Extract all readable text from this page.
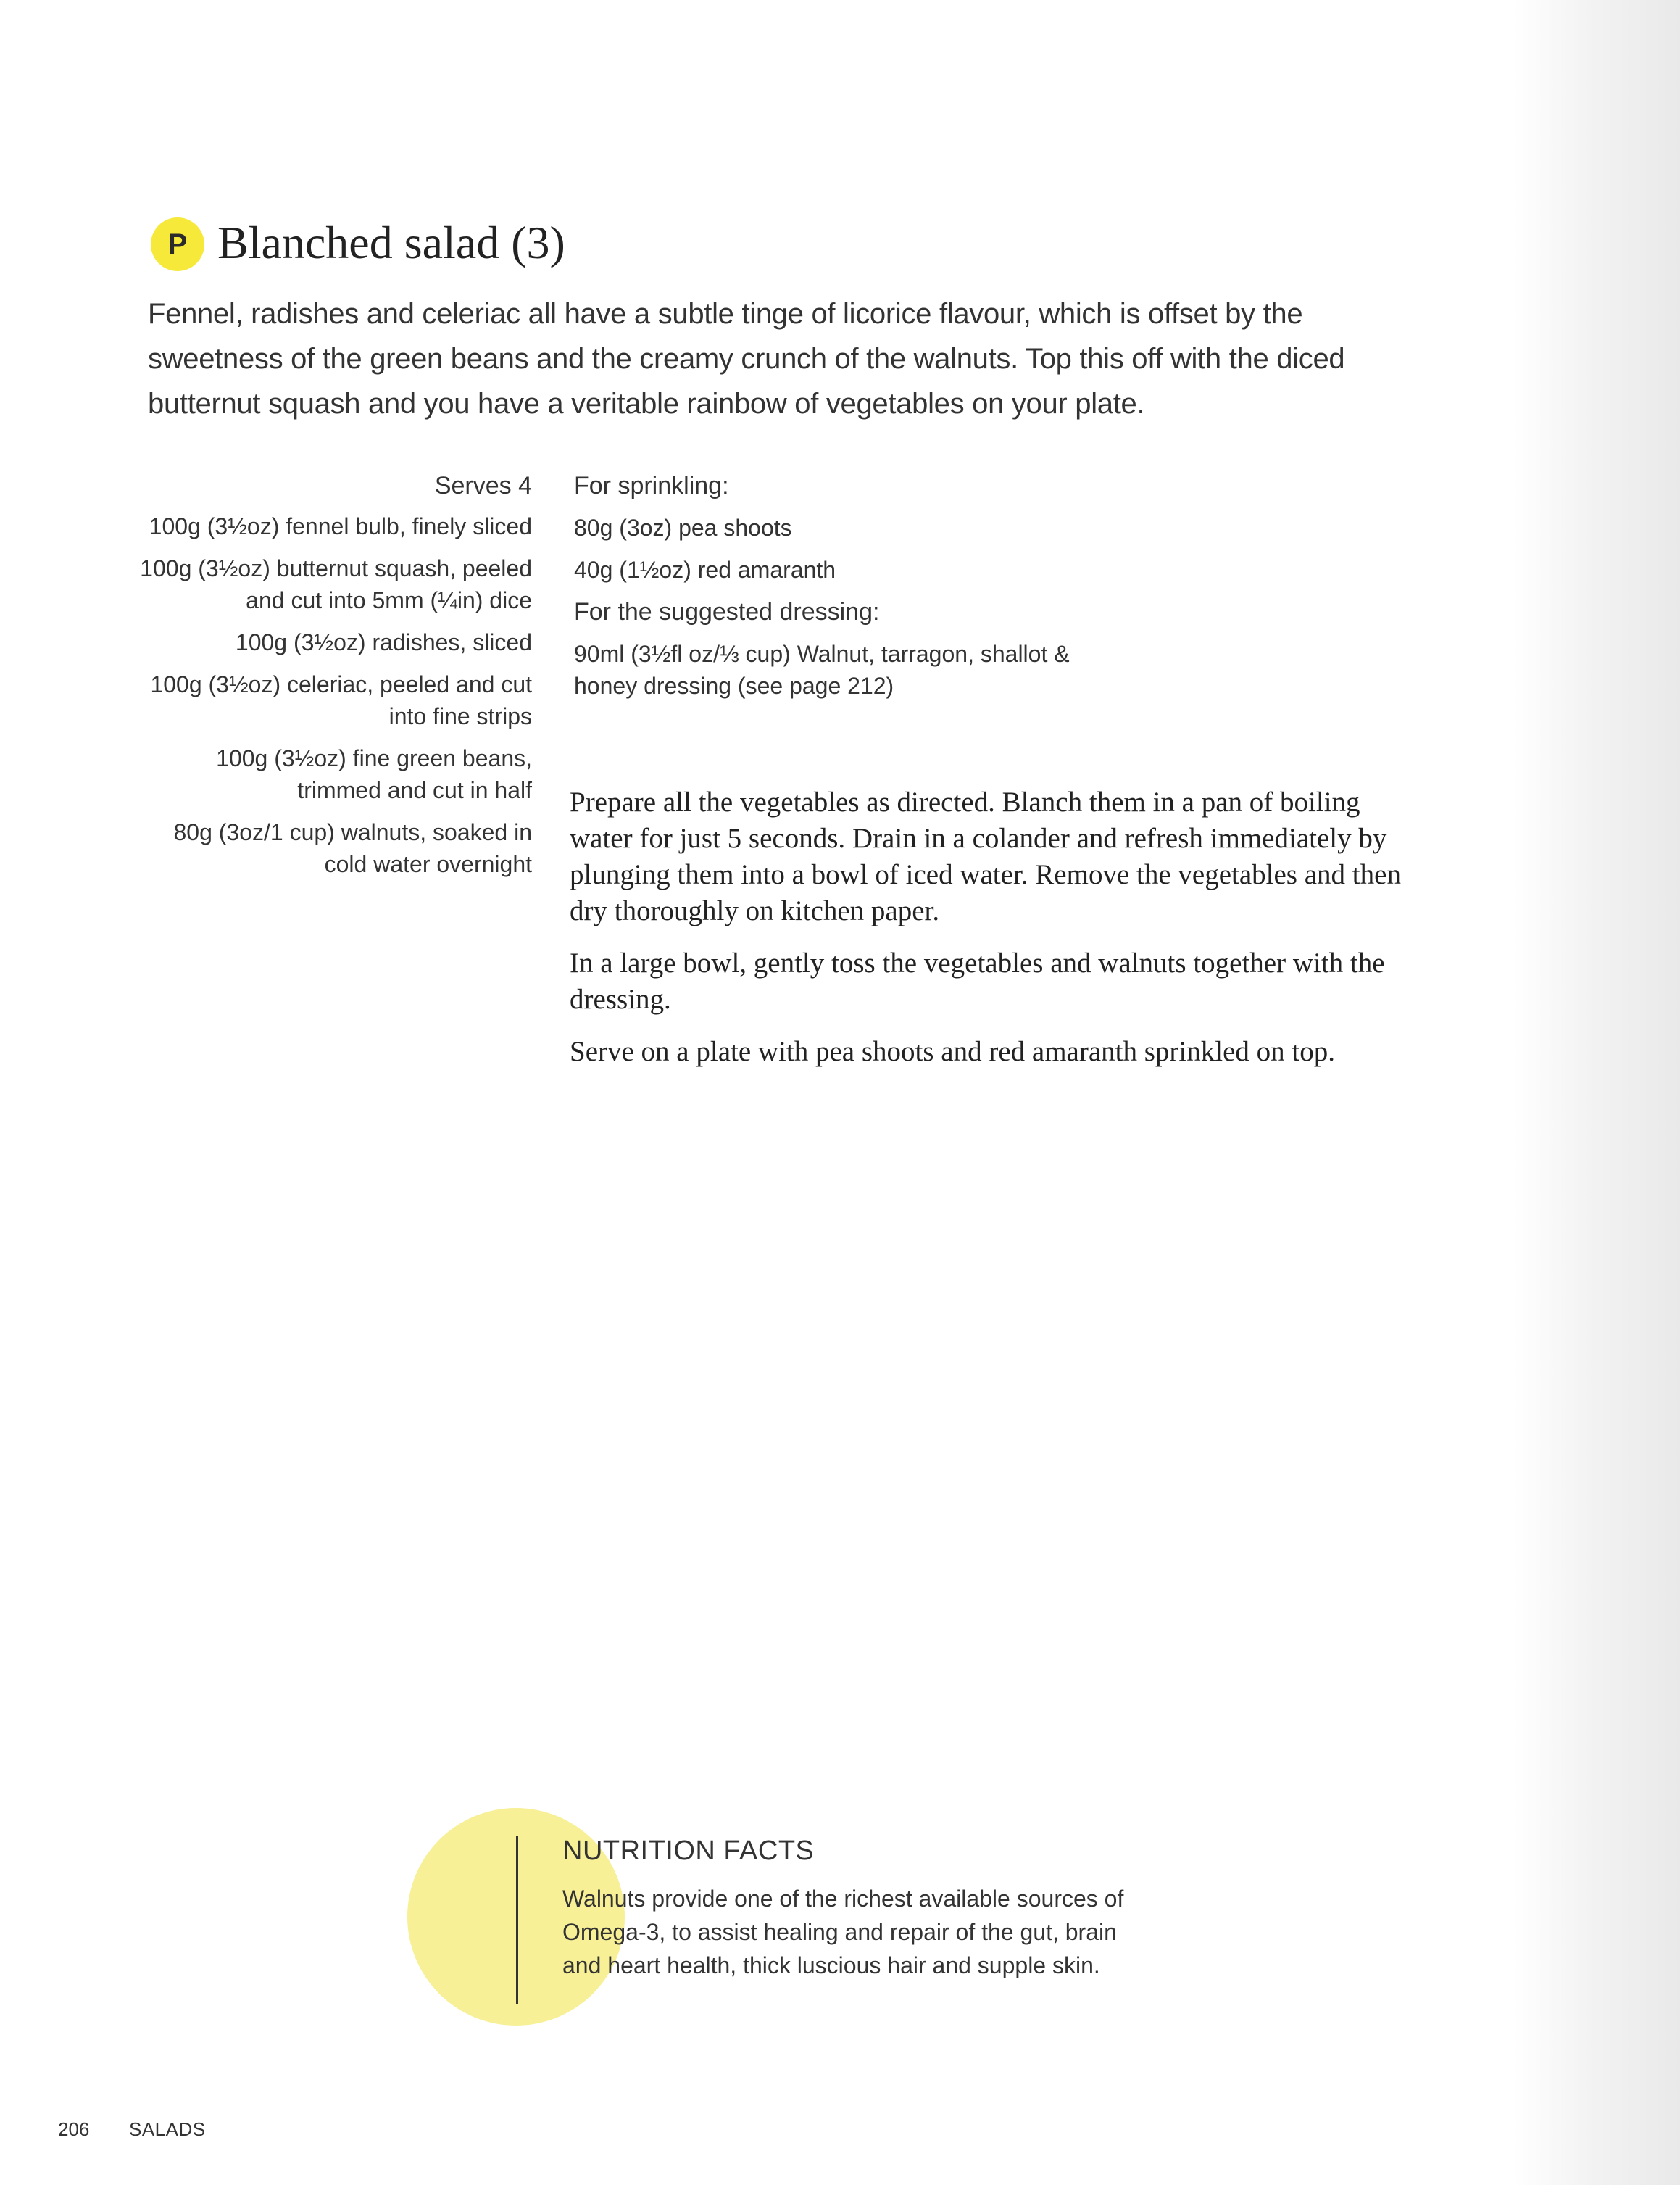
P Blanched salad (3)

Fennel, radishes and celeriac all have a subtle tinge of licorice flavour, which is offset by the sweetness of the green beans and the creamy crunch of the walnuts. Top this off with the diced butternut squash and you have a veritable rainbow of vegetables on your plate.

Serves 4
100g (3½oz) fennel bulb, finely sliced
100g (3½oz) butternut squash, peeled and cut into 5mm (¼in) dice
100g (3½oz) radishes, sliced
100g (3½oz) celeriac, peeled and cut into fine strips
100g (3½oz) fine green beans, trimmed and cut in half
80g (3oz/1 cup) walnuts, soaked in cold water overnight
For sprinkling:
80g (3oz) pea shoots
40g (1½oz) red amaranth
For the suggested dressing:
90ml (3½fl oz/⅓ cup) Walnut, tarragon, shallot & honey dressing (see page 212)

Prepare all the vegetables as directed. Blanch them in a pan of boiling water for just 5 seconds. Drain in a colander and refresh immediately by plunging them into a bowl of iced water. Remove the vegetables and then dry thoroughly on kitchen paper.

In a large bowl, gently toss the vegetables and walnuts together with the dressing.

Serve on a plate with pea shoots and red amaranth sprinkled on top.

NUTRITION FACTS
Walnuts provide one of the richest available sources of Omega-3, to assist healing and repair of the gut, brain and heart health, thick luscious hair and supple skin.
206 SALADS
